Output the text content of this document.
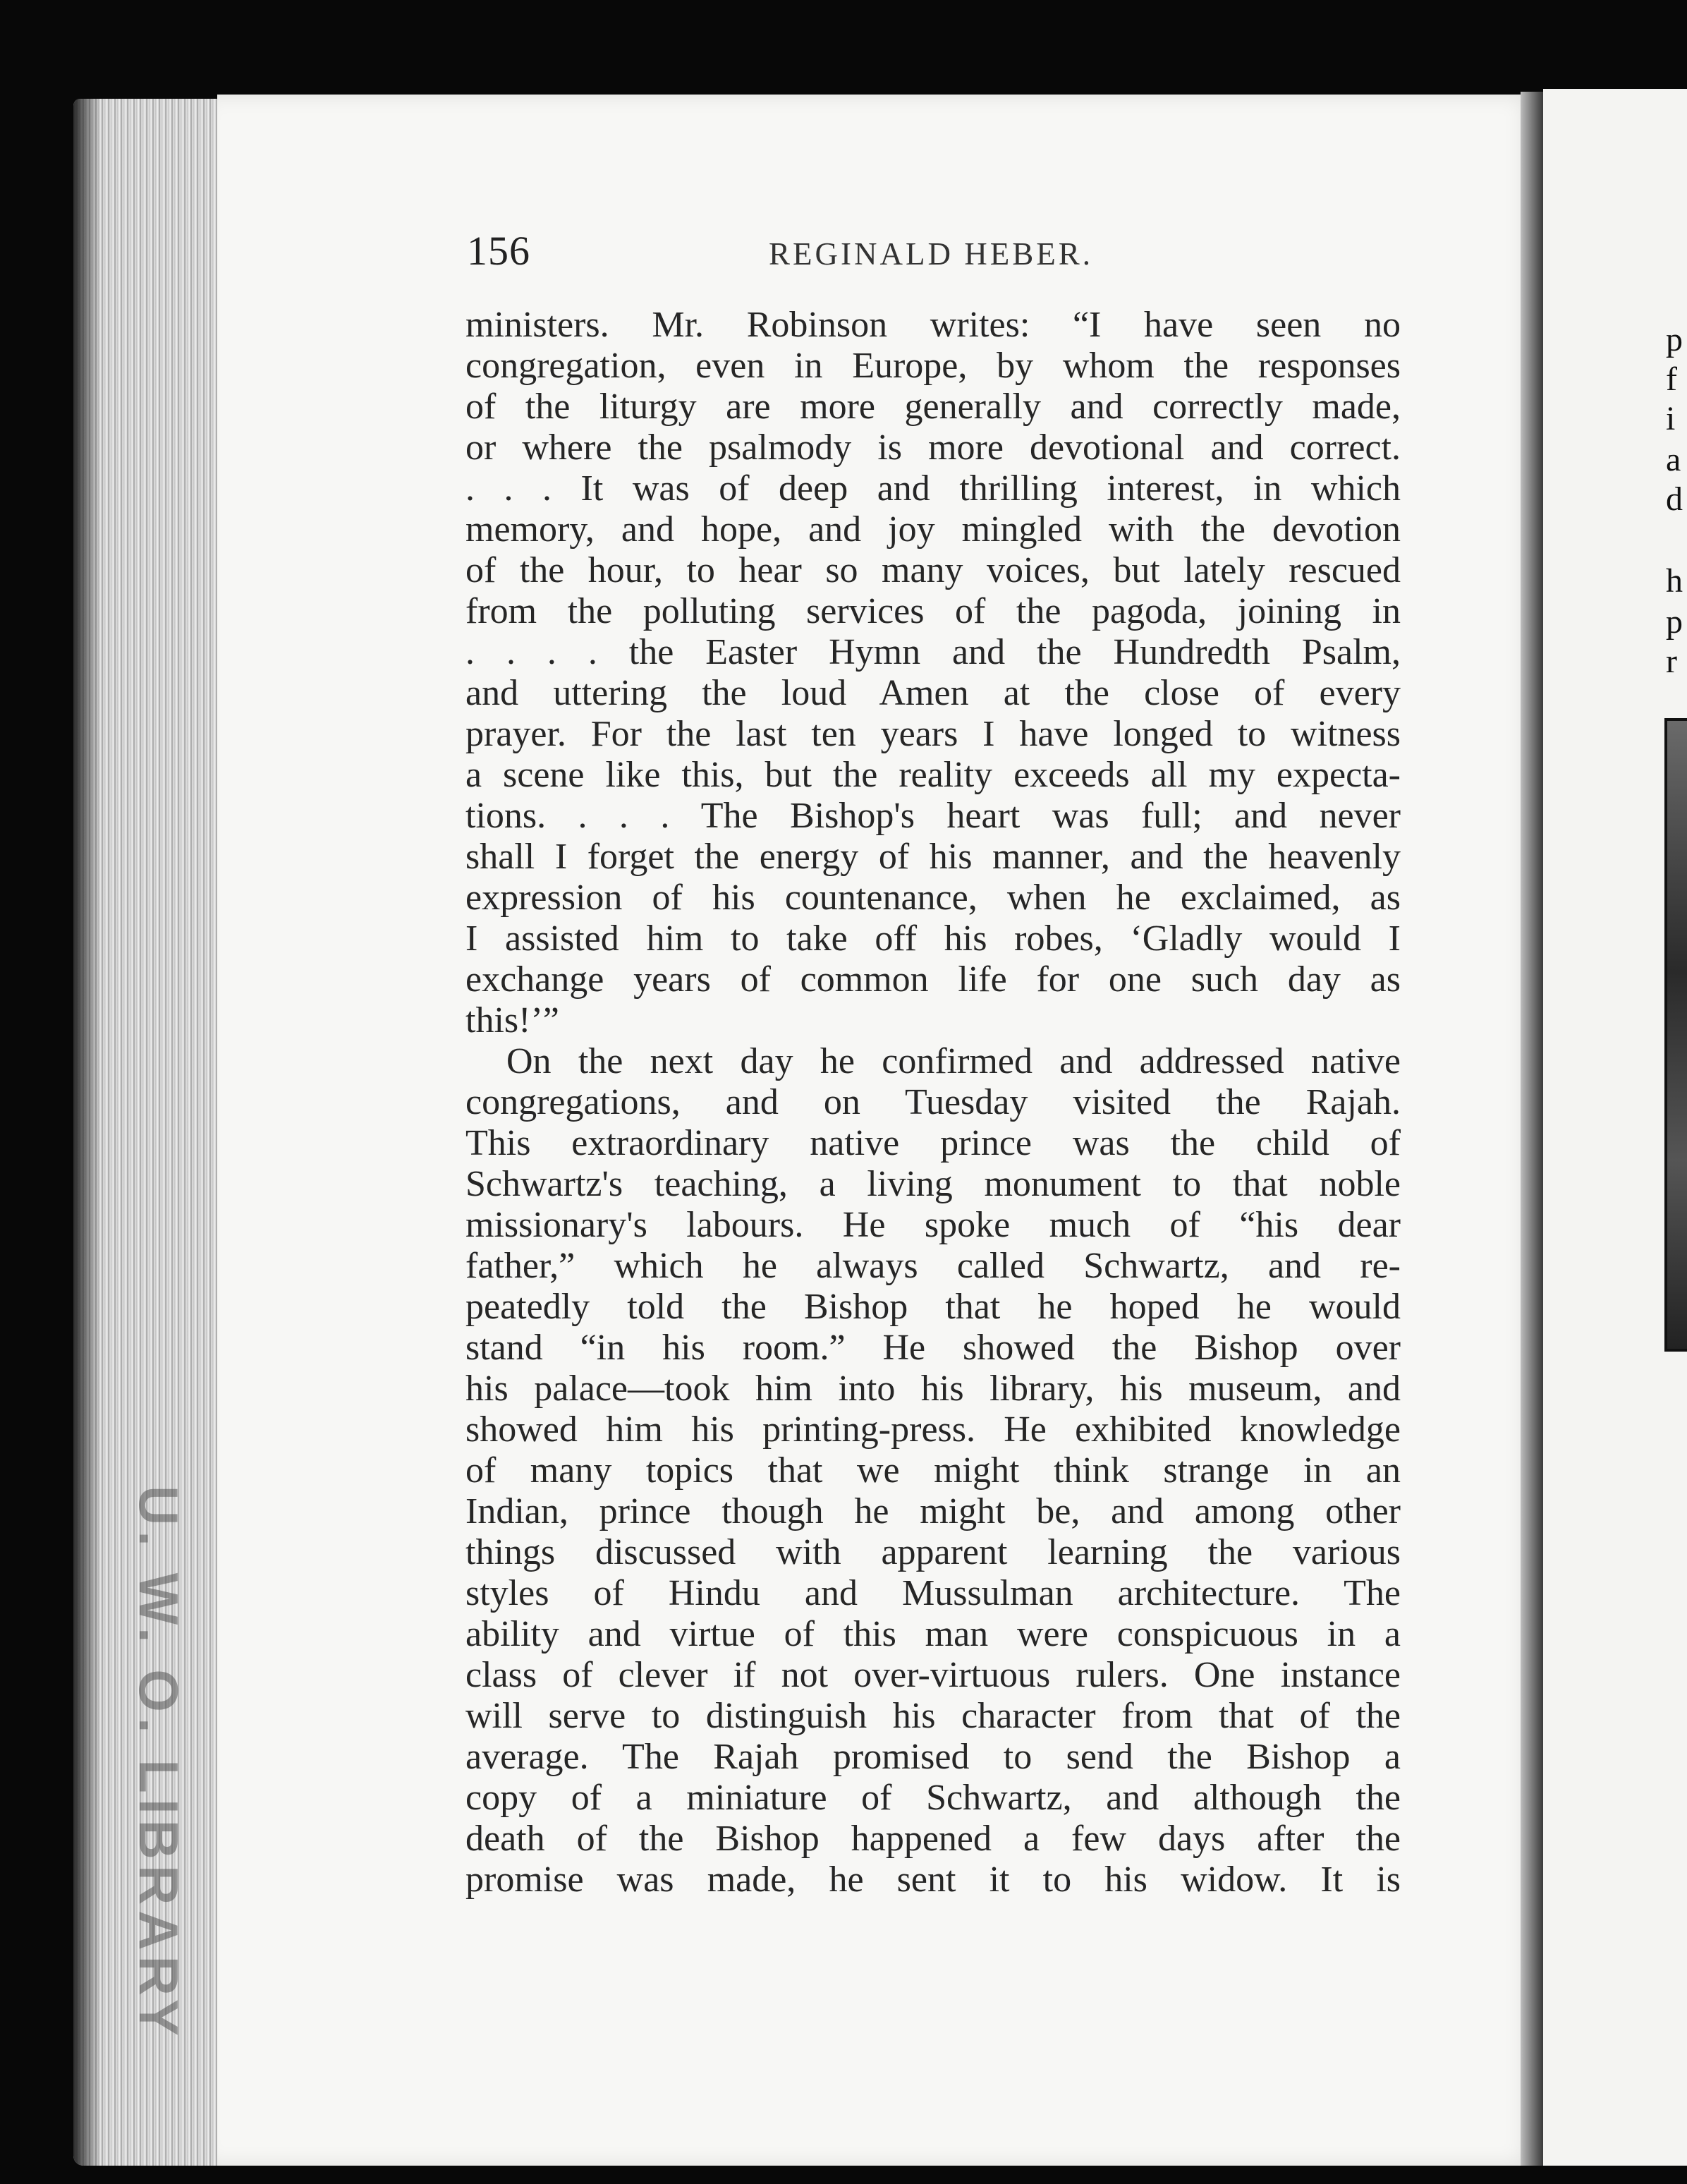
U. W. O. LIBRARY
p
f
i
a
d
h
p
r
156	REGINALD HEBER.
ministers. Mr. Robinson writes: “I have seen no
congregation, even in Europe, by whom the responses
of the liturgy are more generally and correctly made,
or where the psalmody is more devotional and correct.
. . . It was of deep and thrilling interest, in which
memory, and hope, and joy mingled with the devotion
of the hour, to hear so many voices, but lately rescued
from the polluting services of the pagoda, joining in
. . . . the Easter Hymn and the Hundredth Psalm,
and uttering the loud Amen at the close of every
prayer. For the last ten years I have longed to witness
a scene like this, but the reality exceeds all my expecta-
tions. . . . The Bishop's heart was full; and never
shall I forget the energy of his manner, and the heavenly
expression of his countenance, when he exclaimed, as
I assisted him to take off his robes, ‘Gladly would I
exchange years of common life for one such day as
this!’”
On the next day he confirmed and addressed native
congregations, and on Tuesday visited the Rajah.
This extraordinary native prince was the child of
Schwartz's teaching, a living monument to that noble
missionary's labours. He spoke much of “his dear
father,” which he always called Schwartz, and re-
peatedly told the Bishop that he hoped he would
stand “in his room.” He showed the Bishop over
his palace—took him into his library, his museum, and
showed him his printing-press. He exhibited knowledge
of many topics that we might think strange in an
Indian, prince though he might be, and among other
things discussed with apparent learning the various
styles of Hindu and Mussulman architecture. The
ability and virtue of this man were conspicuous in a
class of clever if not over-virtuous rulers. One instance
will serve to distinguish his character from that of the
average. The Rajah promised to send the Bishop a
copy of a miniature of Schwartz, and although the
death of the Bishop happened a few days after the
promise was made, he sent it to his widow. It is
